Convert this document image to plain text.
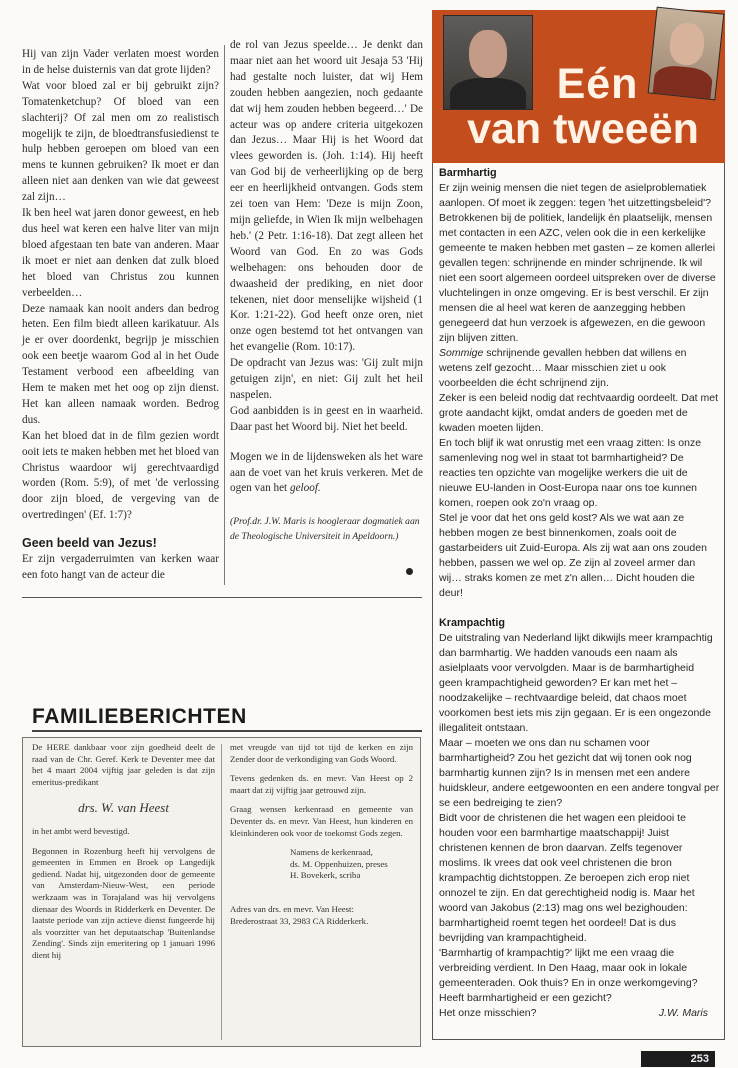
Hij van zijn Vader verlaten moest worden in de helse duisternis van dat grote lijden?

Wat voor bloed zal er bij gebruikt zijn? Tomatenketchup? Of bloed van een slachterij? Of zal men om zo realistisch mogelijk te zijn, de bloedtransfusiedienst te hulp hebben geroepen om bloed van een mens te kunnen gebruiken? Ik moet er dan alleen niet aan denken van wie dat geweest zal zijn…

Ik ben heel wat jaren donor geweest, en heb dus heel wat keren een halve liter van mijn bloed afgestaan ten bate van anderen. Maar ik moet er niet aan denken dat zulk bloed het bloed van Christus zou kunnen verbeelden…

Deze namaak kan nooit anders dan bedrog heten. Een film biedt alleen karikatuur. Als je er over doordenkt, begrijp je misschien ook een beetje waarom God al in het Oude Testament verbood een afbeelding van Hem te maken met het oog op zijn dienst. Het kan alleen namaak worden. Bedrog dus.

Kan het bloed dat in de film gezien wordt ooit iets te maken hebben met het bloed van Christus waardoor wij gerechtvaardigd worden (Rom. 5:9), of met 'de verlossing door zijn bloed, de vergeving van de overtredingen' (Ef. 1:7)?

Geen beeld van Jezus!

Er zijn vergaderruimten van kerken waar een foto hangt van de acteur die

de rol van Jezus speelde… Je denkt dan maar niet aan het woord uit Jesaja 53 'Hij had gestalte noch luister, dat wij Hem zouden hebben aangezien, noch gedaante dat wij hem zouden hebben begeerd…' De acteur was op andere criteria uitgekozen dan Jezus… Maar Hij is het Woord dat vlees geworden is. (Joh. 1:14). Hij heeft van God bij de verheerlijking op de berg eer en heerlijkheid ontvangen. Gods stem zei toen van Hem: 'Deze is mijn Zoon, mijn geliefde, in Wien Ik mijn welbehagen heb.' (2 Petr. 1:16-18). Dat zegt alleen het Woord van God. En zo was Gods welbehagen: ons behouden door de dwaasheid der prediking, en niet door tekenen, niet door menselijke wijsheid (1 Kor. 1:21-22). God heeft onze oren, niet onze ogen bestemd tot het ontvangen van het evangelie (Rom. 10:17).

De opdracht van Jezus was: 'Gij zult mijn getuigen zijn', en niet: Gij zult het heil naspelen.

God aanbidden is in geest en in waarheid. Daar past het Woord bij. Niet het beeld.

Mogen we in de lijdensweken als het ware aan de voet van het kruis verkeren. Met de ogen van het geloof.

(Prof.dr. J.W. Maris is hoogleraar dogmatiek aan de Theologische Universiteit in Apeldoorn.)

FAMILIEBERICHTEN

De HERE dankbaar voor zijn goedheid deelt de raad van de Chr. Geref. Kerk te Deventer mee dat het 4 maart 2004 vijftig jaar geleden is dat zijn emeritus-predikant

drs. W. van Heest

in het ambt werd bevestigd.

Begonnen in Rozenburg heeft hij vervolgens de gemeenten in Emmen en Broek op Langedijk gediend. Nadat hij, uitgezonden door de gemeente van Amsterdam-Nieuw-West, een periode werkzaam was in Torajaland was hij vervolgens dienaar des Woords in Ridderkerk en Deventer. De laatste periode van zijn actieve dienst fungeerde hij als voorzitter van het deputaatschap 'Buitenlandse Zending'. Sinds zijn emeritering op 1 januari 1996 dient hij

met vreugde van tijd tot tijd de kerken en zijn Zender door de verkondiging van Gods Woord.

Tevens gedenken ds. en mevr. Van Heest op 2 maart dat zij vijftig jaar getrouwd zijn.

Graag wensen kerkenraad en gemeente van Deventer ds. en mevr. Van Heest, hun kinderen en kleinkinderen ook voor de toekomst Gods zegen.

Namens de kerkenraad,
ds. M. Oppenhuizen, preses
H. Bovekerk, scriba

Adres van drs. en mevr. Van Heest:
Brederostraat 33, 2983 CA Ridderkerk.

Eén
van tweeën

Barmhartig

Er zijn weinig mensen die niet tegen de asielproblematiek aanlopen. Of moet ik zeggen: tegen 'het uitzettingsbeleid'? Betrokkenen bij de politiek, landelijk én plaatselijk, mensen met contacten in een AZC, velen ook die in een kerkelijke gemeente te maken hebben met gasten – ze komen allerlei gevallen tegen: schrijnende en minder schrijnende. Ik wil niet een soort algemeen oordeel uitspreken over de diverse vluchtelingen in onze omgeving. Er is best verschil. Er zijn mensen die al heel wat keren de aanzegging hebben genegeerd dat hun verzoek is afgewezen, en die gewoon zijn blijven zitten.

Sommige schrijnende gevallen hebben dat willens en wetens zelf gezocht… Maar misschien ziet u ook voorbeelden die écht schrijnend zijn.

Zeker is een beleid nodig dat rechtvaardig oordeelt. Dat met grote aandacht kijkt, omdat anders de goeden met de kwaden moeten lijden.

En toch blijf ik wat onrustig met een vraag zitten: Is onze samenleving nog wel in staat tot barmhartigheid? De reacties ten opzichte van mogelijke werkers die uit de nieuwe EU-landen in Oost-Europa naar ons toe kunnen komen, roepen ook zo'n vraag op.

Stel je voor dat het ons geld kost? Als we wat aan ze hebben mogen ze best binnenkomen, zoals ooit de gastarbeiders uit Zuid-Europa. Als zij wat aan ons zouden hebben, passen we wel op. Ze zijn al zoveel armer dan wij… straks komen ze met z'n allen… Dicht houden die deur!

Krampachtig

De uitstraling van Nederland lijkt dikwijls meer krampachtig dan barmhartig. We hadden vanouds een naam als asielplaats voor vervolgden. Maar is de barmhartigheid geen krampachtigheid geworden? Er kan met het – noodzakelijke – rechtvaardige beleid, dat chaos moet voorkomen best iets mis zijn gegaan. Er is een ongezonde illegaliteit ontstaan.

Maar – moeten we ons dan nu schamen voor barmhartigheid? Zou het gezicht dat wij tonen ook nog barmhartig kunnen zijn? Is in mensen met een andere huidskleur, andere eetgewoonten en een andere tongval per se een bedreiging te zien?

Bidt voor de christenen die het wagen een pleidooi te houden voor een barmhartige maatschappij! Juist christenen kennen de bron daarvan. Zelfs tegenover moslims. Ik vrees dat ook veel christenen die bron krampachtig dichtstoppen. Ze beroepen zich erop niet onnozel te zijn. En dat gerechtigheid nodig is. Maar het woord van Jakobus (2:13) mag ons wel bezighouden: barmhartigheid roemt tegen het oordeel! Dat is dus bevrijding van krampachtigheid.

'Barmhartig of krampachtig?' lijkt me een vraag die verbreiding verdient. In Den Haag, maar ook in lokale gemeenteraden. Ook thuis? En in onze werkomgeving? Heeft barmhartigheid er een gezicht?

Het onze misschien?	J.W. Maris

253
